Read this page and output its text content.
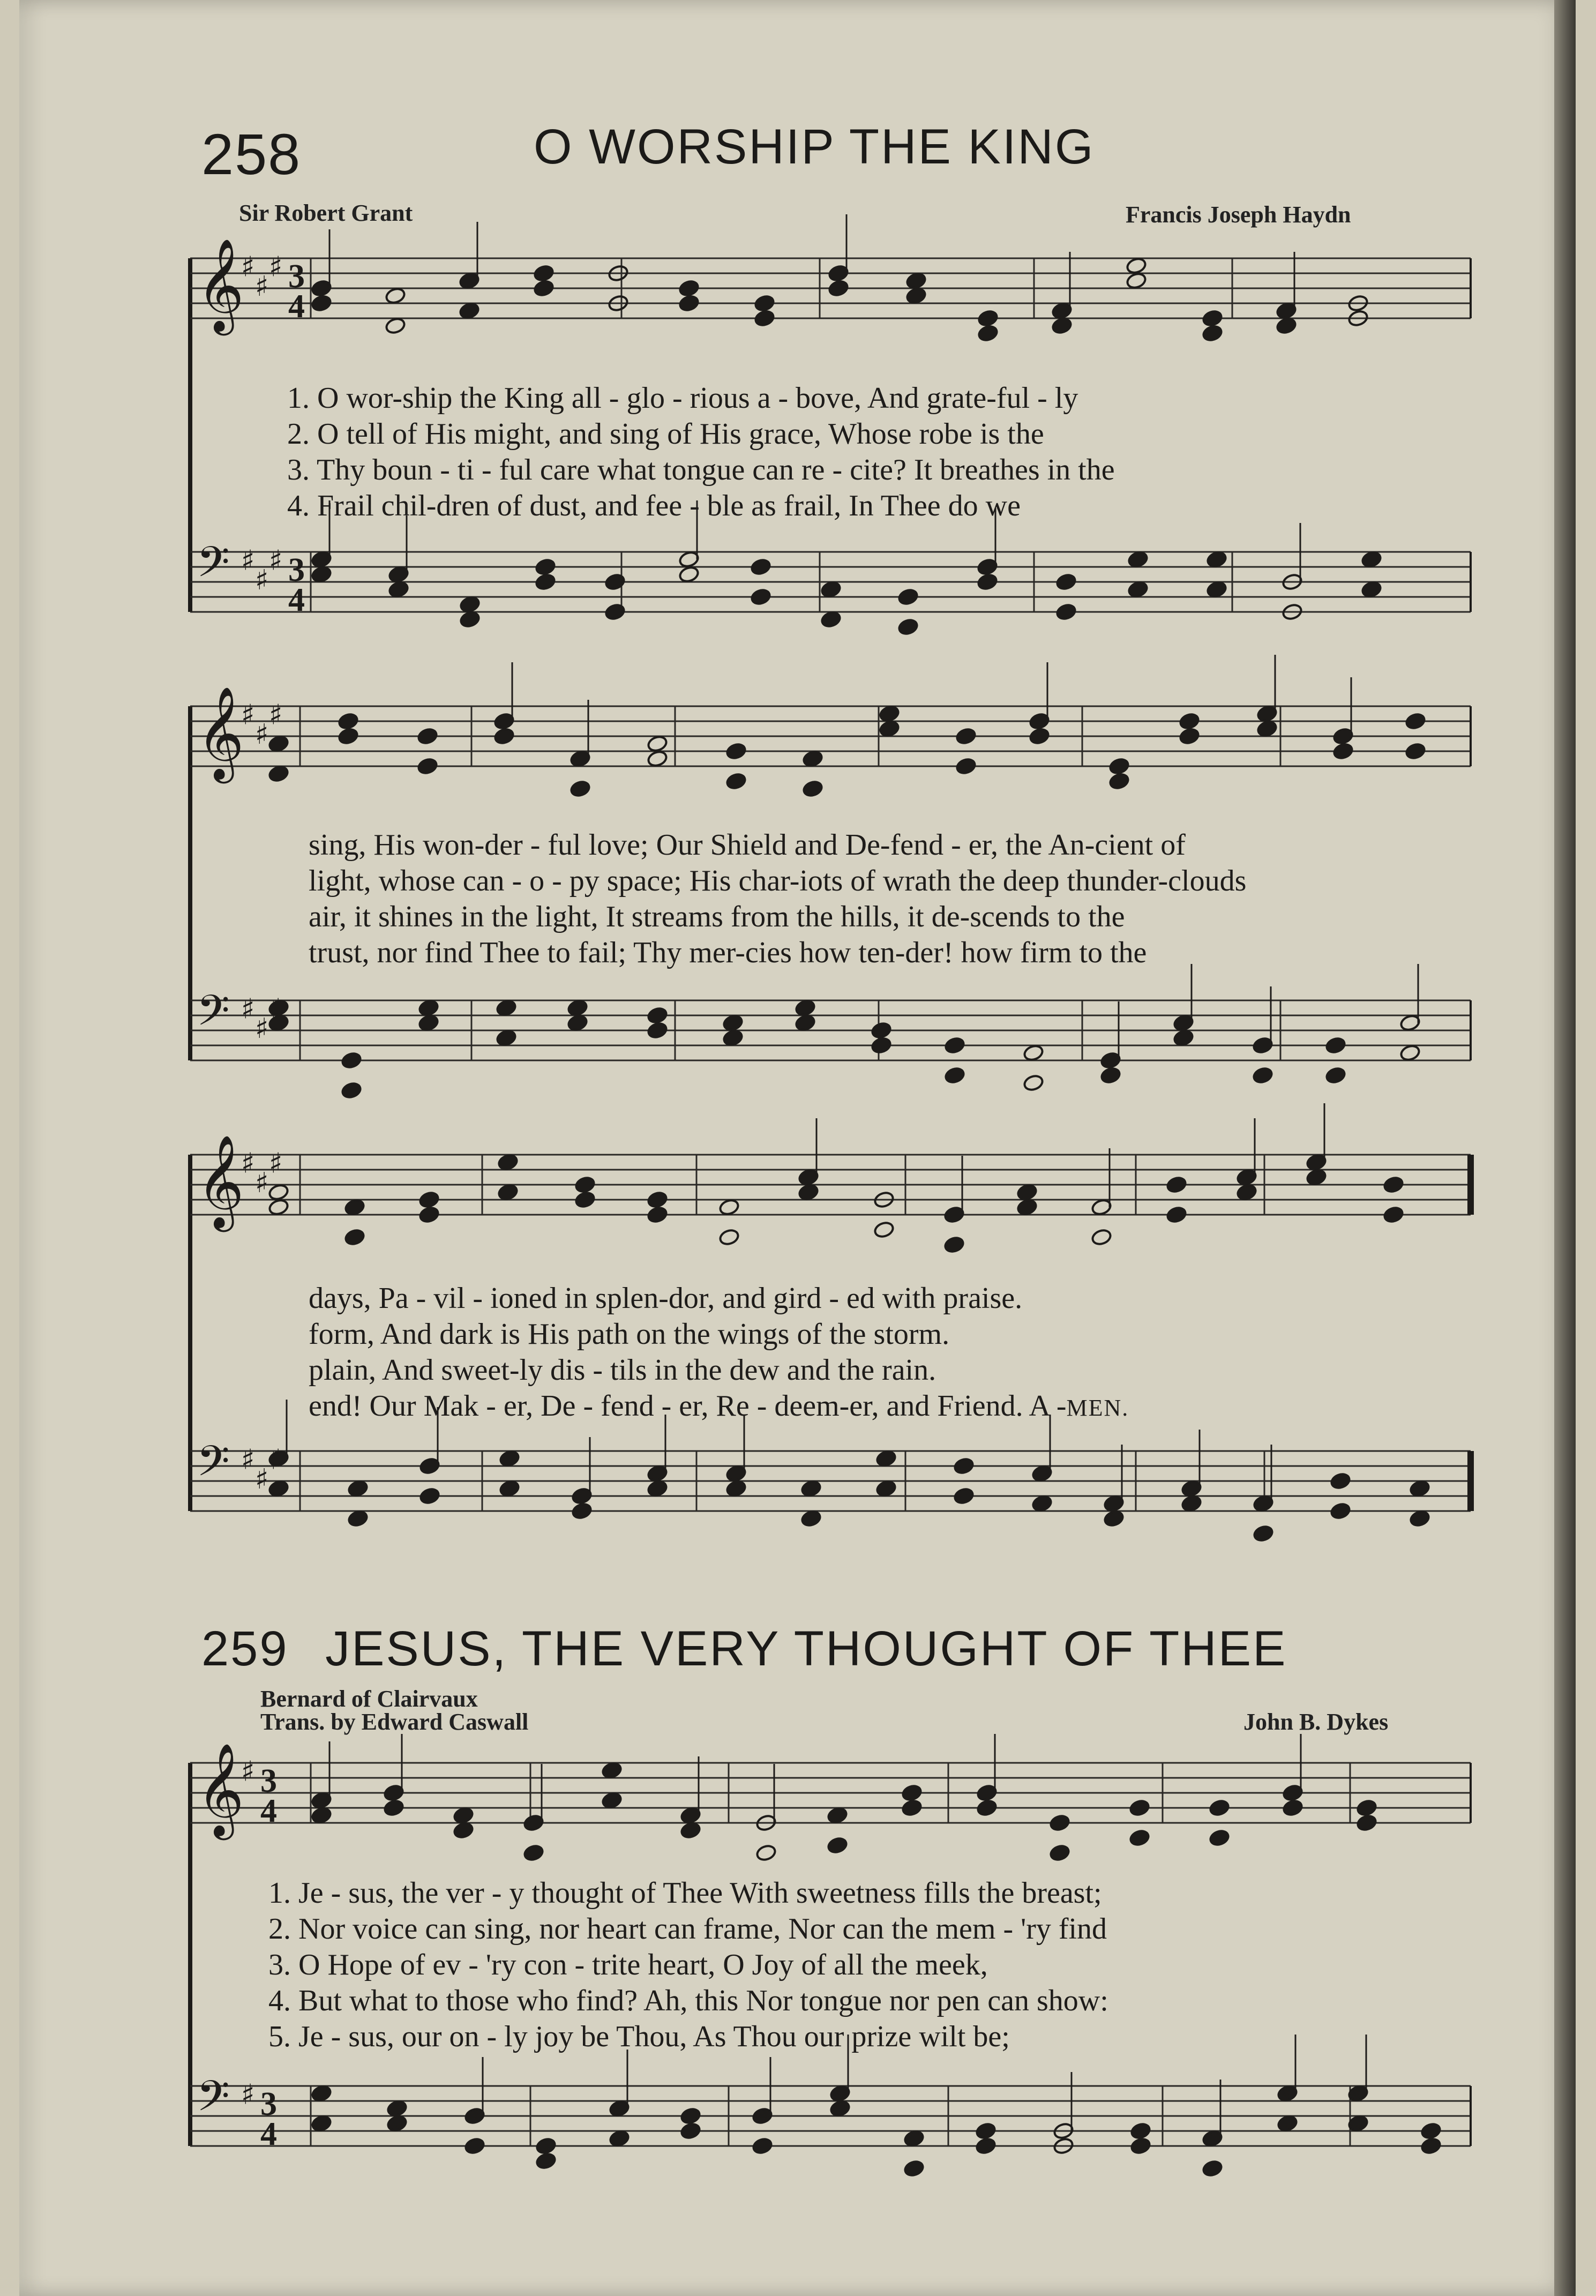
258	O WORSHIP THE KING
Sir Robert Grant	Francis Joseph Haydn
1. O wor-ship the King all - glo - rious a - bove, And grate-ful - ly
2. O tell of His might, and sing of His grace, Whose robe is the
3. Thy boun - ti - ful care what tongue can re - cite? It breathes in the
4. Frail chil-dren of dust, and fee - ble as frail, In Thee do we
sing, His won-der - ful love; Our Shield and De-fend - er, the An-cient of
light, whose can - o - py space; His char-iots of wrath the deep thunder-clouds
air, it shines in the light, It streams from the hills, it de-scends to the
trust, nor find Thee to fail; Thy mer-cies how ten-der! how firm to the
days, Pa - vil - ioned in splen-dor, and gird - ed with praise.
form, And dark is His path on the wings of the storm.
plain, And sweet-ly dis - tils in the dew and the rain.
end! Our Mak - er, De - fend - er, Re - deem-er, and Friend. A -MEN.
259 JESUS, THE VERY THOUGHT OF THEE
Bernard of Clairvaux
Trans. by Edward Caswall	John B. Dykes
1. Je - sus, the ver - y thought of Thee With sweetness fills the breast;
2. Nor voice can sing, nor heart can frame, Nor can the mem - 'ry find
3. O Hope of ev - 'ry con - trite heart, O Joy of all the meek,
4. But what to those who find? Ah, this Nor tongue nor pen can show:
5. Je - sus, our on - ly joy be Thou, As Thou our prize wilt be;
𝄞
♯
♯
♯ 3
4
𝄢 ♯
♯
♯ 3
4
𝄞
♯
♯
♯
𝄢 ♯
♯
𝄞
♯
♯
♯
𝄢 ♯
♯
𝄞
♯ 3
4
𝄢 ♯ 3
4
